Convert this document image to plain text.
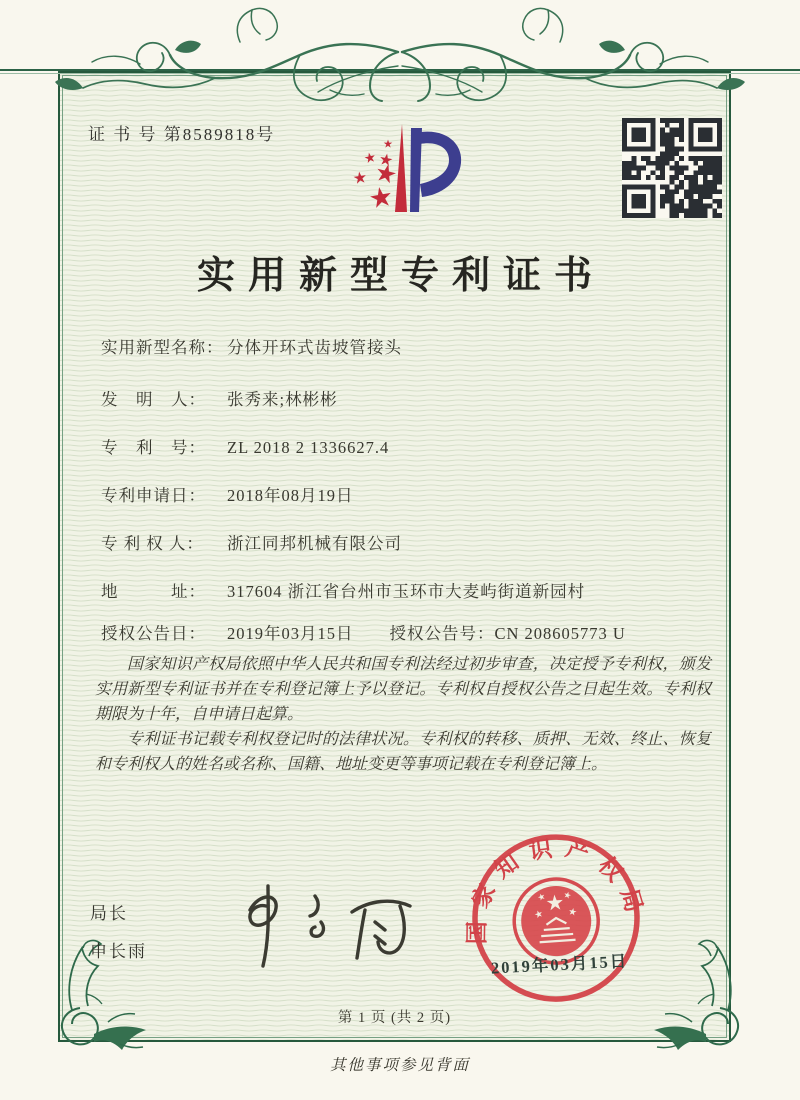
证 书 号 第8589818号
实用新型专利证书
实用新型名称： 分体开环式齿坡管接头
发　明　人： 张秀来;林彬彬
专　利　号： ZL 2018 2 1336627.4
专利申请日： 2018年08月19日
专 利 权 人： 浙江同邦机械有限公司
地　　　址： 317604 浙江省台州市玉环市大麦屿街道新园村
授权公告日： 2019年03月15日 授权公告号：CN 208605773 U

国家知识产权局依照中华人民共和国专利法经过初步审查，决定授予专利权，颁发实用新型专利证书并在专利登记簿上予以登记。专利权自授权公告之日起生效。专利权期限为十年，自申请日起算。

专利证书记载专利权登记时的法律状况。专利权的转移、质押、无效、终止、恢复和专利权人的姓名或名称、国籍、地址变更等事项记载在专利登记簿上。

局长
申长雨
国家知识产权局
2019年03月15日
第 1 页 (共 2 页)
其他事项参见背面
